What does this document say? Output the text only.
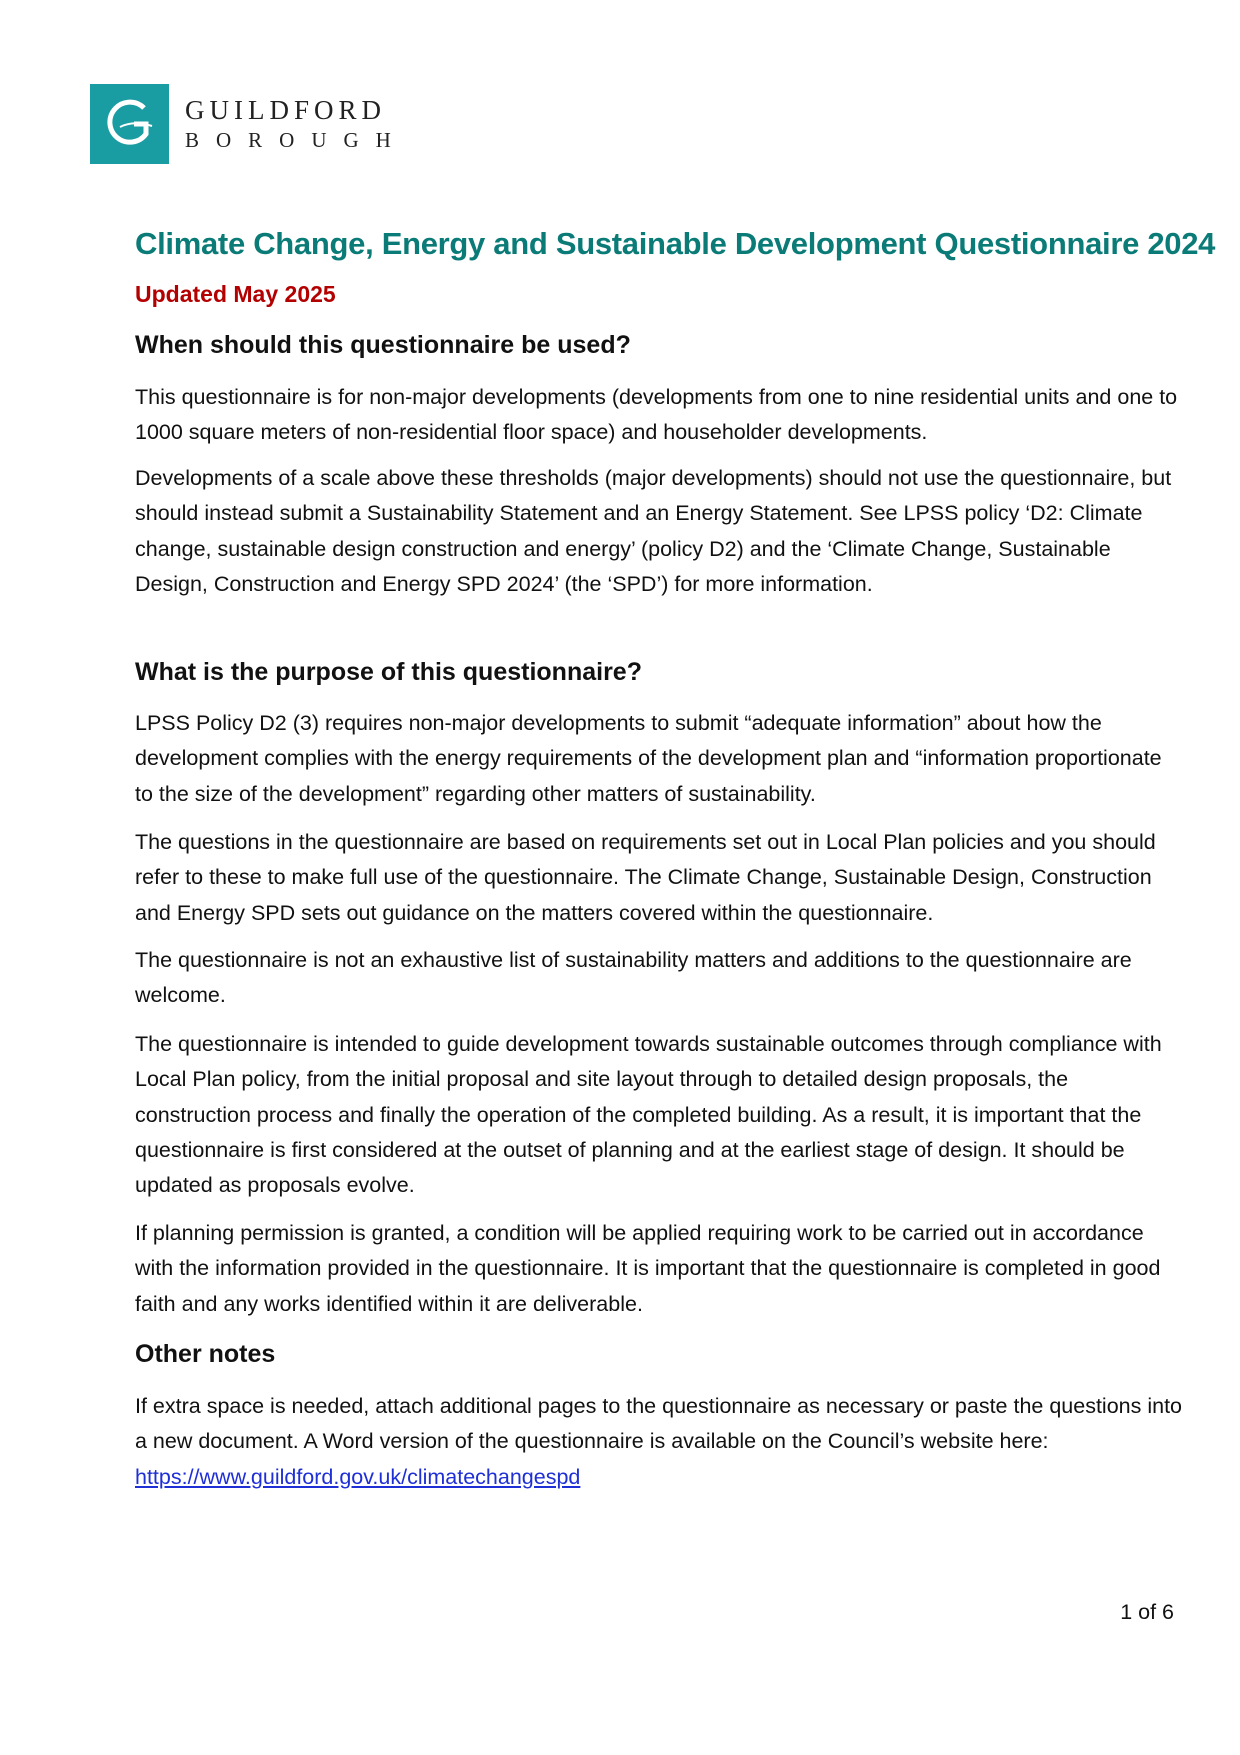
GUILDFORD
BOROUGH
Climate Change, Energy and Sustainable Development Questionnaire 2024
Updated May 2025
When should this questionnaire be used?

This questionnaire is for non-major developments (developments from one to nine residential units and one to 1000 square meters of non-residential floor space) and householder developments.

Developments of a scale above these thresholds (major developments) should not use the questionnaire, but should instead submit a Sustainability Statement and an Energy Statement. See LPSS policy ‘D2: Climate change, sustainable design construction and energy’ (policy D2) and the ‘Climate Change, Sustainable Design, Construction and Energy SPD 2024’ (the ‘SPD’) for more information.

What is the purpose of this questionnaire?

LPSS Policy D2 (3) requires non-major developments to submit “adequate information” about how the development complies with the energy requirements of the development plan and “information proportionate to the size of the development” regarding other matters of sustainability.

The questions in the questionnaire are based on requirements set out in Local Plan policies and you should refer to these to make full use of the questionnaire. The Climate Change, Sustainable Design, Construction and Energy SPD sets out guidance on the matters covered within the questionnaire.

The questionnaire is not an exhaustive list of sustainability matters and additions to the questionnaire are welcome.

The questionnaire is intended to guide development towards sustainable outcomes through compliance with Local Plan policy, from the initial proposal and site layout through to detailed design proposals, the construction process and finally the operation of the completed building. As a result, it is important that the questionnaire is first considered at the outset of planning and at the earliest stage of design. It should be updated as proposals evolve.

If planning permission is granted, a condition will be applied requiring work to be carried out in accordance with the information provided in the questionnaire. It is important that the questionnaire is completed in good faith and any works identified within it are deliverable.

Other notes

If extra space is needed, attach additional pages to the questionnaire as necessary or paste the questions into a new document. A Word version of the questionnaire is available on the Council’s website here: https://www.guildford.gov.uk/climatechangespd

1 of 6
